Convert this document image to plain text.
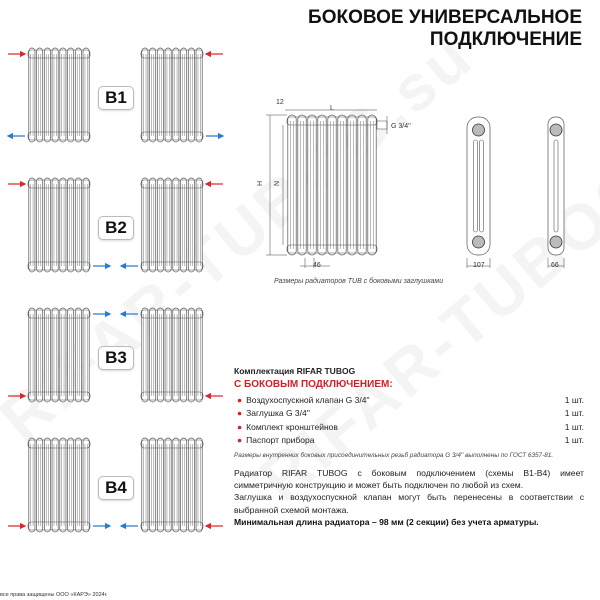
БОКОВОЕ УНИВЕРСАЛЬНОЕ
ПОДКЛЮЧЕНИЕ
12
L
G 3/4''
H N
46	107	66
B1
B2
B3
B4
Размеры радиаторов TUB с боковыми заглушками
Комплектация RIFAR TUBOG
С БОКОВЫМ ПОДКЛЮЧЕНИЕМ:
● Воздухоспускной клапан G 3/4''	1 шт.
● Заглушка G 3/4''	1 шт.
● Комплект кронштейнов	1 шт.
● Паспорт прибора	1 шт.
Размеры внутренних боковых присоединительных резьб радиатора G 3/4'' выполнены по ГОСТ 6357-81.

Радиатор RIFAR TUBOG с боковым подключением (схемы В1-В4) имеет симметричную конструкцию и может быть подключен по любой из схем.

Заглушка и воздухоспускной клапан могут быть перенесены в соответствии с выбранной схемой монтажа.

Минимальная длина радиатора – 98 мм (2 секции) без учета арматуры.

все права защищены ООО «КАРЭ» 2024г.
